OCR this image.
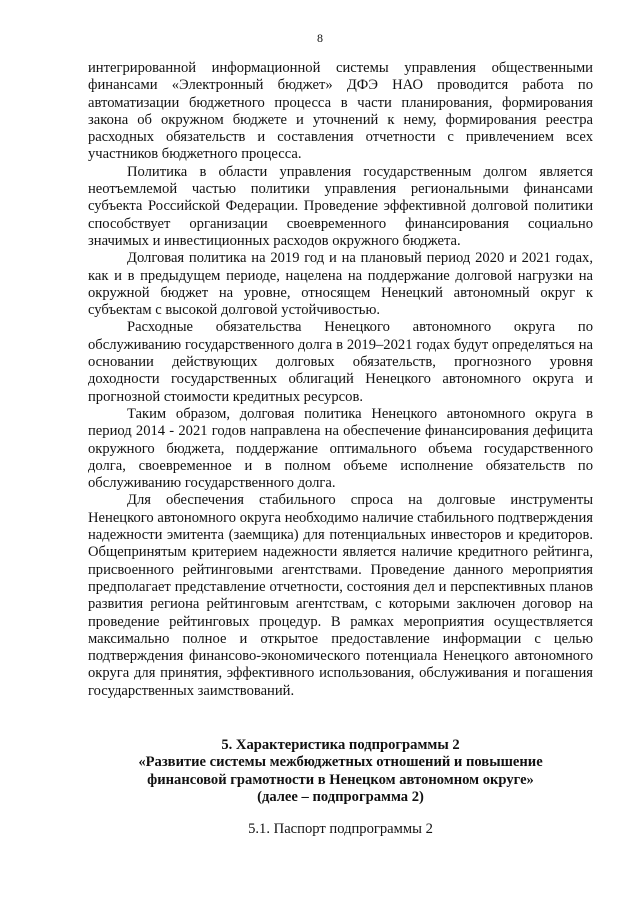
8

интегрированной информационной системы управления общественными финансами «Электронный бюджет» ДФЭ НАО проводится работа по автоматизации бюджетного процесса в части планирования, формирования закона об окружном бюджете и уточнений к нему, формирования реестра расходных обязательств и составления отчетности с привлечением всех участников бюджетного процесса.

Политика в области управления государственным долгом является неотъемлемой частью политики управления региональными финансами субъекта Российской Федерации. Проведение эффективной долговой политики способствует организации своевременного финансирования социально значимых и инвестиционных расходов окружного бюджета.

Долговая политика на 2019 год и на плановый период 2020 и 2021 годах, как и в предыдущем периоде, нацелена на поддержание долговой нагрузки на окружной бюджет на уровне, относящем Ненецкий автономный округ к субъектам с высокой долговой устойчивостью.

Расходные обязательства Ненецкого автономного округа по обслуживанию государственного долга в 2019–2021 годах будут определяться на основании действующих долговых обязательств, прогнозного уровня доходности государственных облигаций Ненецкого автономного округа и прогнозной стоимости кредитных ресурсов.

Таким образом, долговая политика Ненецкого автономного округа в период 2014 - 2021 годов направлена на обеспечение финансирования дефицита окружного бюджета, поддержание оптимального объема государственного долга, своевременное и в полном объеме исполнение обязательств по обслуживанию государственного долга.

Для обеспечения стабильного спроса на долговые инструменты Ненецкого автономного округа необходимо наличие стабильного подтверждения надежности эмитента (заемщика) для потенциальных инвесторов и кредиторов. Общепринятым критерием надежности является наличие кредитного рейтинга, присвоенного рейтинговыми агентствами. Проведение данного мероприятия предполагает представление отчетности, состояния дел и перспективных планов развития региона рейтинговым агентствам, с которыми заключен договор на проведение рейтинговых процедур. В рамках мероприятия осуществляется максимально полное и открытое предоставление информации с целью подтверждения финансово-экономического потенциала Ненецкого автономного округа для принятия, эффективного использования, обслуживания и погашения государственных заимствований.

5. Характеристика подпрограммы 2
«Развитие системы межбюджетных отношений и повышение
финансовой грамотности в Ненецком автономном округе»
(далее – подпрограмма 2)
5.1. Паспорт подпрограммы 2
